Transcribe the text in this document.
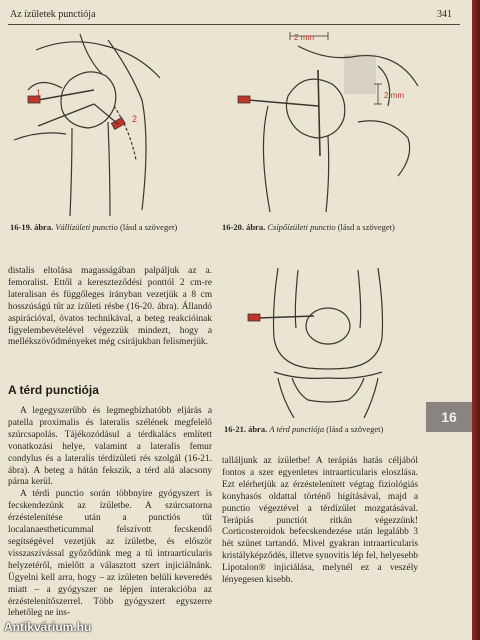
Az ízületek punctiója	341
1
2
16-19. ábra. Vállízületi punctio (lásd a szöveget)
2 mm
2 mm
16-20. ábra. Csípőízületi punctio (lásd a szöveget)
16-21. ábra. A térd punctiója (lásd a szöveget)

distalis eltolása magasságában palpáljuk az a. femoralist. Ettől a kereszteződési ponttól 2 cm-re lateralisan és függőleges irányban vezetjük a 8 cm hosszúságú tűt az ízületi résbe (16-20. ábra). Állandó aspirációval, óvatos technikával, a beteg reakcióinak figyelembevételével végezzük mindezt, hogy a mellékszövődményeket még csírájukban felismerjük.

A térd punctiója

A legegyszerűbb és legmegbízhatóbb eljárás a patella proximalis és lateralis szélének megfelelő szúrcsapolás. Tájékozódásul a térdkalács említett vonatkozási helye, valamint a lateralis femur condylus és a lateralis térdízületi rés szolgál (16-21. ábra). A beteg a hátán fekszik, a térd alá alacsony párna kerül.

A térdi punctio során többnyire gyógyszert is fecskendezünk az ízületbe. A szúrcsatorna érzéstelenítése után a punctiós tűt localanaestheticummal felszívott fecskendő segítségével vezetjük az ízületbe, és először visszaszívással győződünk meg a tű intraarticularis helyzetéről, mielőtt a választott szert injiciálnánk. Ügyelni kell arra, hogy – az ízületen belüli keveredés miatt – a gyógyszer ne lépjen interakcióba az érzéstelenítőszerrel. Több gyógyszert egyszerre lehetőleg ne ins-

talláljunk az ízületbe! A terápiás hatás céljából fontos a szer egyenletes intraarticularis eloszlása. Ezt elérhetjük az érzéstelenített végtag fiziológiás konyhasós oldattal történő hígításával, majd a punctio végeztével a térdízület mozgatásával. Terápiás punctiót ritkán végezzünk! Corticosteroidok befecskendezése után legalább 3 hét szünet tartandó. Mivel gyakran intraarticularis kristályképződés, illetve synovitis lép fel, helyesebb Lipotalon® injiciálása, melynél ez a veszély lényegesen kisebb.

16
Antikvárium.hu
